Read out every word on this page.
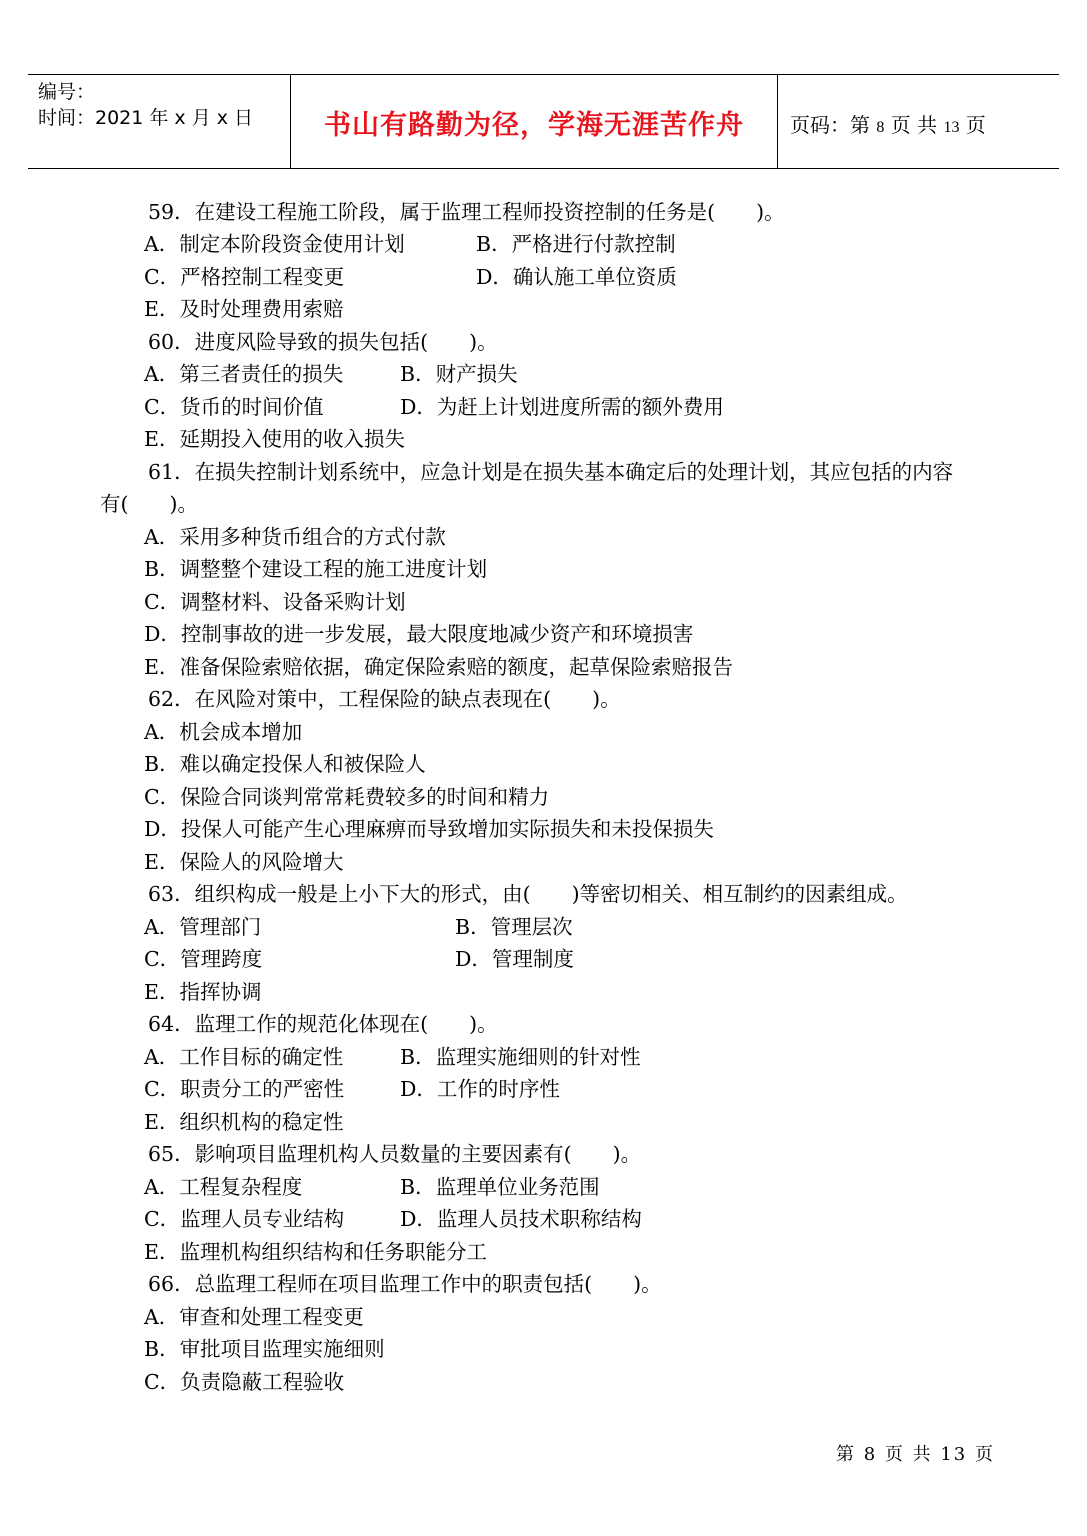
编号：
时间：2021 年 x 月 x 日	书山有路勤为径，学海无涯苦作舟	页码：第 8 页 共 13 页
59．在建设工程施工阶段，属于监理工程师投资控制的任务是(　　)。
A．制定本阶段资金使用计划	B．严格进行付款控制
C．严格控制工程变更	D．确认施工单位资质
E．及时处理费用索赔
60．进度风险导致的损失包括(　　)。
A．第三者责任的损失	B．财产损失
C．货币的时间价值	D．为赶上计划进度所需的额外费用
E．延期投入使用的收入损失
61．在损失控制计划系统中，应急计划是在损失基本确定后的处理计划，其应包括的内容
有(　　)。
A．采用多种货币组合的方式付款
B．调整整个建设工程的施工进度计划
C．调整材料、设备采购计划
D．控制事故的进一步发展，最大限度地减少资产和环境损害
E．准备保险索赔依据，确定保险索赔的额度，起草保险索赔报告
62．在风险对策中，工程保险的缺点表现在(　　)。
A．机会成本增加
B．难以确定投保人和被保险人
C．保险合同谈判常常耗费较多的时间和精力
D．投保人可能产生心理麻痹而导致增加实际损失和未投保损失
E．保险人的风险增大
63．组织构成一般是上小下大的形式，由(　　)等密切相关、相互制约的因素组成。
A．管理部门	B．管理层次
C．管理跨度	D．管理制度
E．指挥协调
64．监理工作的规范化体现在(　　)。
A．工作目标的确定性	B．监理实施细则的针对性
C．职责分工的严密性	D．工作的时序性
E．组织机构的稳定性
65．影响项目监理机构人员数量的主要因素有(　　)。
A．工程复杂程度	B．监理单位业务范围
C．监理人员专业结构	D．监理人员技术职称结构
E．监理机构组织结构和任务职能分工
66．总监理工程师在项目监理工作中的职责包括(　　)。
A．审查和处理工程变更
B．审批项目监理实施细则
C．负责隐蔽工程验收
第 8 页 共 13 页
